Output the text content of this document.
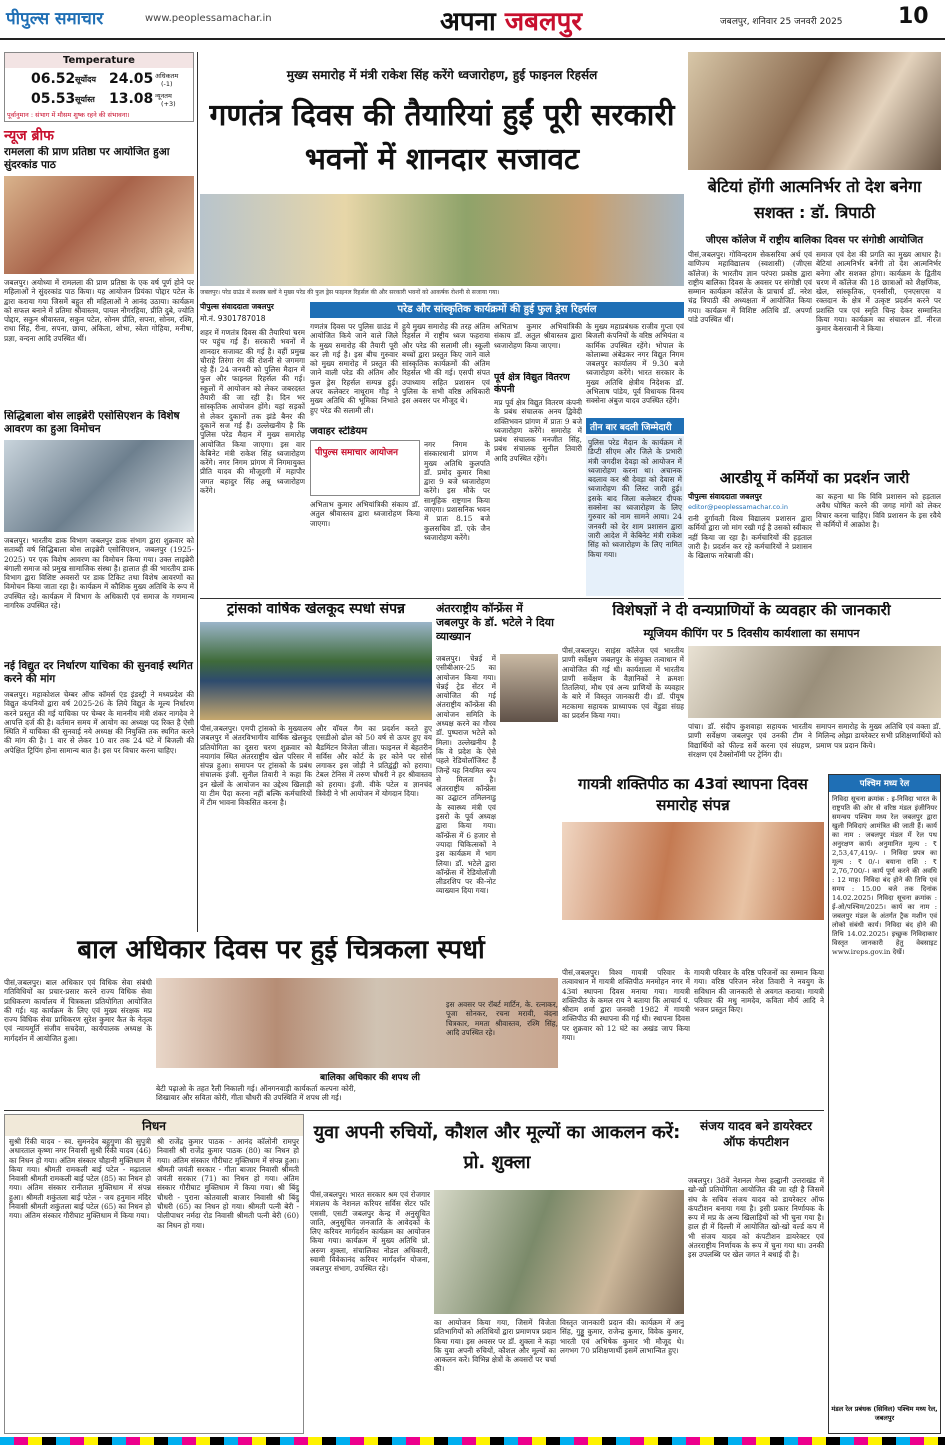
पीपुल्स समाचार	www.peoplessamachar.in	अपना जबलपुर	जबलपुर, शनिवार 25 जनवरी 2025	10
Temperature
06.52 सूर्योदय 24.05 अधिकतम
(-1)
05.53 सूर्यास्त 13.08 न्यूनतम
(+3)
पूर्वानुमान : संभाग में मौसम शुष्क रहने की संभावना।
न्यूज ब्रीफ
रामलला की प्राण प्रतिष्ठा पर आयोजित हुआ सुंदरकांड पाठ
जबलपुर। अयोध्या में रामलला की प्राण प्रतिष्ठा के एक वर्ष पूर्ण होने पर महिलाओं ने सुंदरकांड पाठ किया। यह आयोजन प्रियंका पोद्दार पटेल के द्वारा कराया गया जिसमें बहुत सी महिलाओं ने आनंद उठाया। कार्यक्रम को सफल बनाने में प्रतिमा श्रीवास्तव, पायल नौगरहिया, प्रीति दुबे, ज्योति पोद्दार, सकुन श्रीवास्तव, सकुन पटेल, सोनम प्रीति, सपना, सोनम, रश्मि, राधा सिंह, रीना, सपना, छाया, अंकिता, शोभा, स्वेता गोहिया, मनीषा, प्रज्ञा, वन्दना आदि उपस्थित थीं।
सिद्धिबाला बोस लाइब्रेरी एसोसिएशन के विशेष आवरण का हुआ विमोचन
जबलपुर। भारतीय डाक विभाग जबलपुर डाक संभाग द्वारा शुक्रवार को सताब्दी वर्ष सिद्धिबाला बोस लाइब्रेरी एसोसिएशन, जबलपुर (1925-2025) पर एक विशेष आवरण का विमोचन किया गया। उक्त लाइब्रेरी बंगाली समाज को प्रमुख सामाजिक संस्था है। हालात ही की भारतीय डाक विभाग द्वारा विशिष्ट अवसरों पर डाक टिकिट तथा विशेष आवरणों का विमोचन किया जाता रहा है। कार्यक्रम में कौशिक मुख्य अतिथि के रूप में उपस्थित रहे। कार्यक्रम में विभाग के अधिकारी एवं समाज के गणमान्य नागरिक उपस्थित रहे।
नई विद्युत दर निर्धारण याचिका की सुनवाई स्थगित करने की मांग
जबलपुर। महाकोशल चेम्बर ऑफ कॉमर्स एंड इंडस्ट्री ने मध्यप्रदेश की विद्युत कंपनियों द्वारा वर्ष 2025-26 के लिये विद्युत के मूल्य निर्धारण करने प्रस्तुत की गई याचिका पर चेम्बर के माननीय मंत्री शंकर नागदेव ने आपत्ति दर्ज की है। वर्तमान समय में आयोग का अध्यक्ष पद रिक्त है ऐसी स्थिति में याचिका की सुनवाई नये अध्यक्ष की नियुक्ति तक स्थगित करने की मांग की है। 1 वार से लेकर 10 वार तक 24 घंटे में बिजली की अपेक्षित ट्रिपिंग होना सामान्य बात है। इस पर विचार करना चाहिए।
मुख्य समारोह में मंत्री राकेश सिंह करेंगे ध्वजारोहण, हुई फाइनल रिहर्सल
गणतंत्र दिवस की तैयारियां हुईं पूरी सरकारी भवनों में शानदार सजावट
जबलपुर। परेड ग्राउंड में सशस्त्र बलों ने मुख्य परेड की फुल ड्रेस फाइनल रिहर्सल की और सरकारी भवनों को आकर्षक रोशनी से सजाया गया।
पीपुल्स संवाददाता जबलपुर
मो.नं. 9301787018
शहर में गणतंत्र दिवस की तैयारियां चरम पर पहुंच गई हैं। सरकारी भवनों में शानदार सजावट की गई है। वहीं प्रमुख चौराहे तिरंगा रंग की रोशनी से जगमगा रहे हैं। 24 जनवरी को पुलिस मैदान में फुल और फाइनल रिहर्सल की गई। स्कूलों में आयोजन को लेकर जबरदस्त तैयारी की जा रही है। दिन भर सांस्कृतिक आयोजन होंगे। यहां सड़कों से लेकर दुकानों तक झंडे बैनर की दुकानें सज गई हैं। उल्लेखनीय है कि पुलिस परेड मैदान में मुख्य समारोह आयोजित किया जाएगा। इस वार केबिनेट मंत्री राकेश सिंह ध्वजारोहण करेंगे। नगर निगम प्रांगण में निगमायुक्त प्रीति यादव की मौजूदगी में महापौर जगत बहादुर सिंह अन्नू ध्वजारोहण करेंगे।
परेड और सांस्कृतिक कार्यक्रमों की हुई फुल ड्रेस रिहर्सल
गणतंत्र दिवस पर पुलिस ग्राउंड में आयोजित किये जाने वाले जिले के मुख्य समारोह की तैयारी पूरी कर ली गई है। इस बीच गुरुवार को मुख्य समारोह में प्रस्तुत की जाने वाली परेड की अंतिम और फुल ड्रेस रिहर्सल सम्पन्न हुई। अपर कलेक्टर नाथूराम गौड़ ने मुख्य अतिथि की भूमिका निभाते हुए परेड की सलामी ली।
हुये मुख्य समारोह की तरह अंतिम रिहर्सल में राष्ट्रीय ध्वज फहराया और परेड की सलामी ली। स्कूली बच्चों द्वारा प्रस्तुत किए जाने वाले सांस्कृतिक कार्यक्रमों की अंतिम रिहर्सल भी की गई। एसपी संपत उपाध्याय सहित प्रशासन एवं पुलिस के सभी वरिष्ठ अधिकारी इस अवसर पर मौजूद थे।
पीपुल्स समाचार आयोजन
जवाहर स्टेडियम
नगर निगम के संस्कारधानी प्रांगण में मुख्य अतिथि कुलपति डॉ. प्रमोद कुमार मिश्रा द्वारा 9 बजे ध्वजारोहण करेंगे। इस मौके पर सामूहिक राष्ट्रगान किया जाएगा। प्रशासनिक भवन में प्रातः 8.15 बजे कुलसचिव डॉ. एके जैन ध्वजारोहण करेंगे।
अभिताभ कुमार अभियांत्रिकी संकाय डॉ. अतुल श्रीवास्तव द्वारा ध्वजारोहण किया जाएगा।
अभिताभ कुमार अभियांत्रिकी संकाय डॉ. अतुल श्रीवास्तव द्वारा ध्वजारोहण किया जाएगा।
पूर्व क्षेत्र विद्युत वितरण कंपनी
मप्र पूर्व क्षेत्र विद्युत वितरण कंपनी के प्रबंध संचालक अनय द्विवेदी शक्तिभवन प्रांगण में प्रातः 9 बजे ध्वजारोहण करेंगे। समारोह में प्रबंध संचालक मनजीत सिंह, प्रबंध संचालक सुनील तिवारी आदि उपस्थित रहेंगे।
के मुख्य महाप्रबंधक राजीव गुप्ता एवं बिजली कंपनियों के वरिष्ठ अभियंता व कार्मिक उपस्थित रहेंगे। भोपाल के कोलाब्या अंबेडकर नगर विद्युत निगम जबलपुर कार्यालय में 9.30 बजे ध्वजारोहण करेंगे। भारत सरकार के मुख्य अतिथि क्षेत्रीय निदेशक डॉ. अभिलाष पांडेय, पूर्व विधायक विनय सक्सेना अंबुज यादव उपस्थित रहेंगे।
तीन बार बदली जिम्मेदारी
पुलिस परेड मैदान के कार्यक्रम में डिप्टी सीएम और जिले के प्रभारी मंत्री जगदीश देवड़ा को आयोजन में ध्वजारोहण करना था। अचानक बदलाव कर श्री देवड़ा को देवास में ध्वजारोहण की लिस्ट जारी हुई। इसके बाद जिला कलेक्टर दीपक सक्सेना का ध्वजारोहण के लिए गुरुवार को नाम सामने आया। 24 जनवरी को देर शाम प्रशासन द्वारा जारी आदेश में केबिनेट मंत्री राकेश सिंह को ध्वजारोहण के लिए नामित किया गया।
बेटियां होंगी आत्मनिर्भर तो देश बनेगा सशक्त : डॉ. त्रिपाठी
जीएस कॉलेज में राष्ट्रीय बालिका दिवस पर संगोष्ठी आयोजित
पीसं,जबलपुर। गोविन्दराम सेकसरिया अर्थ एवं वाणिज्य महाविद्यालय (स्वशासी) (जीएस कॉलेज) के भारतीय ज्ञान परंपरा प्रकोष्ठ द्वारा राष्ट्रीय बालिका दिवस के अवसर पर संगोष्ठी एवं सम्मान कार्यक्रम कॉलेज के प्राचार्य डॉ. नरेश चंद्र त्रिपाठी की अध्यक्षता में आयोजित किया गया। कार्यक्रम में विशिष्ट अतिथि डॉ. अपर्णा पांडे उपस्थित थीं।
समाज एवं देश की प्रगति का मुख्य आधार है। बेटियां आत्मनिर्भर बनेंगी तो देश आत्मनिर्भर बनेगा और सशक्त होगा। कार्यक्रम के द्वितीय चरण में कॉलेज की 18 छात्राओं को शैक्षणिक, खेल, सांस्कृतिक, एनसीसी, एनएसएस व रक्तदान के क्षेत्र में उत्कृष्ट प्रदर्शन करने पर प्रशस्ति पत्र एवं स्मृति चिन्ह देकर सम्मानित किया गया। कार्यक्रम का संचालन डॉ. नीरज कुमार केसरवानी ने किया।
आरडीयू में कर्मियों का प्रदर्शन जारी
पीपुल्स संवाददाता जबलपुर
editor@peoplessamachar.co.in
रानी दुर्गावती विश्व विद्यालय प्रशासन द्वारा कर्मियों द्वारा जो मांग रखी गई है उसको स्वीकार नहीं किया जा रहा है। कर्मचारियों की हड़ताल जारी है। प्रदर्शन कर रहे कर्मचारियों ने प्रशासन के खिलाफ नारेबाजी की।
का कहना था कि विवि प्रशासन को हड़ताल अवैध घोषित करने की जगह मांगों को लेकर विचार करना चाहिए। विवि प्रशासन के इस रवैये से कर्मियों में आक्रोश है।
ट्रांसको वार्षिक खेलकूद स्पर्धा संपन्न
पीसं,जबलपुर। एमपी ट्रांसको के मुख्यालय जबलपुर में अंतरविभागीय वार्षिक खेलकूद प्रतियोगिता का दूसरा चरण शुक्रवार को नयागांव स्थित अंतरराष्ट्रीय खेल परिसर में संपन्न हुआ। समापन पर ट्रांसको के प्रबंध संचालक इंजी. सुनील तिवारी ने कहा कि इन खेलों के आयोजन का उद्देश्य खिलाड़ी या टीम पैदा करना नहीं बल्कि कर्मचारियों में टीम भावना विकसित करना है।
और वॉयल गैम का प्रदर्शन करते हुए एसडीओ ढोल को 50 वर्ष से ऊपर हुए वय बैडमिंटन विजेता जीता। फाइनल में बेहतरीन सर्विस और कोर्ट के हर कोने पर सोर्स लगाकर इस जोड़ी ने प्रतिद्वंद्वी को हराया। टेबल टेनिस में तरुण चौधरी ने हर श्रीवास्तव को हराया। इंजी. वीके पटेल व ज्ञानचंद त्रिवेदी ने भी आयोजन में योगदान दिया।
अंतरराष्ट्रीय कॉन्फ्रेंस में जबलपुर के डॉ. भटेले ने दिया व्याख्यान
जबलपुर। चेन्नई में एसीबीआर-25 का आयोजन किया गया। चेन्नई ट्रेड सेंटर में आयोजित की गई अंतराष्ट्रीय कॉन्फ्रेंस की आयोजन समिति के अध्यक्ष करने का गौरव डॉ. पुष्पराज भटेले को मिला। उल्लेखनीय है कि वे प्रदेश के ऐसे पहले रेडियोलॉजिस्ट हैं जिन्हें यह नियमित रूप से मिलता है। अंतरराष्ट्रीय कॉन्फ्रेंस का उद्घाटन तमिलनाडु के स्वास्थ्य मंत्री एवं इसरो के पूर्व अध्यक्ष द्वारा किया गया। कॉन्फ्रेंस में 6 हजार से ज्यादा चिकित्सकों ने इस कार्यक्रम में भाग लिया। डॉ. भटेले द्वारा कॉन्फ्रेंस में रेडियोलॉजी लीडरशिप पर की-नोट व्याख्यान दिया गया।
विशेषज्ञों ने दी वन्यप्राणियों के व्यवहार की जानकारी
म्यूजियम कीपिंग पर 5 दिवसीय कार्यशाला का समापन
पीसं,जबलपुर। साइंस कॉलेज एवं भारतीय प्राणी सर्वेक्षण जबलपुर के संयुक्त तत्वाधान में आयोजित की गई थी। कार्यशाला में भारतीय प्राणी सर्वेक्षण के वैज्ञानिकों ने क्रमशः तितलियां, मौथ एवं अन्य प्राणियों के व्यवहार के बारे में विस्तृत जानकारी दी। डॉ. पीयूष मटकामा सहायक प्राध्यापक एवं वेंडुडा संग्रह का प्रदर्शन किया गया।
पांचा। डॉ. संदीप कुशवाहा सहायक भारतीय प्राणी सर्वेक्षण जबलपुर एवं उनकी टीम ने विद्यार्थियों को फील्ड सर्वे करना एवं संग्रहण, संरक्षण एवं टैक्सोनॉमी पर ट्रेनिंग दी।
समापन समारोह के मुख्य अतिथि एवं वक्ता डॉ. मिलिन्द ओझा डायरेक्टर सभी प्रशिक्षणार्थियों को प्रमाण पत्र प्रदान किये।
गायत्री शक्तिपीठ का 43वां स्थापना दिवस समारोह संपन्न
पीसं,जबलपुर। विश्व गायत्री परिवार के तत्वावधान में गायत्री शक्तिपीठ मनमोहन नगर में 43वां स्थापना दिवस मनाया गया। गायत्री शक्तिपीठ के कमल राय ने बताया कि आचार्य पं. श्रीराम शर्मा द्वारा जनवरी 1982 में गायत्री शक्तिपीठ की स्थापना की गई थी। स्थापना दिवस पर शुक्रवार को 12 घंटे का अखंड जाप किया गया।
गायत्री परिवार के वरिष्ठ परिजनों का सम्मान किया गया। वरिष्ठ परिजन नरेश तिवारी ने नवयुग के सविधान की जानकारी से अवगत कराया। गायत्री परिवार की मधु नामदेव, कविता मौर्य आदि ने भजन प्रस्तुत किए।
पश्चिम मध्य रेल
निविदा सूचना क्रमांक : इ-निविदा भारत के राष्ट्रपति की ओर से वरिष्ठ मंडल इंजीनियर समन्वय पश्चिम मध्य रेल जबलपुर द्वारा खुली निविदाएं आमंत्रित की जाती हैं। कार्य का नाम : जबलपुर मंडल में रेल पथ अनुरक्षण कार्य। अनुमानित मूल्य : ₹ 2,53,47,419/- । निविदा प्रपत्र का मूल्य : ₹ 0/-। बयाना राशि : ₹ 2,76,700/-। कार्य पूर्ण करने की अवधि : 12 माह। निविदा बंद होने की तिथि एवं समय : 15.00 बजे तक दिनांक 14.02.2025। निविदा सूचना क्रमांक : ई-ओ/पश्चिम/2025। कार्य का नाम : जबलपुर मंडल के अंतर्गत ट्रैक मशीन एवं लोको संबंधी कार्य। निविदा बंद होने की तिथि 14.02.2025। इच्छुक निविदाकार विस्तृत जानकारी हेतु वेबसाइट www.ireps.gov.in देखें।
मंडल रेल प्रबंधक (सिविल) पश्चिम मध्य रेल, जबलपुर
बाल अधिकार दिवस पर हुई चित्रकला स्पर्धा
पीसं,जबलपुर। बाल अधिकार एवं विधिक सेवा संबंधी गतिविधियों का प्रचार-प्रसार करने राज्य विधिक सेवा प्राधिकरण कार्यालय में चित्रकला प्रतियोगिता आयोजित की गई। यह कार्यक्रम के लिए एवं मुख्य संरक्षक मप्र राज्य विधिक सेवा प्राधिकरण सुरेश कुमार कैत के नेतृत्व एवं न्यायमूर्ति संजीव सचदेवा, कार्यपालक अध्यक्ष के मार्गदर्शन में आयोजित हुआ।
बालिका अधिकार की शपथ ली
बेटी पढ़ाओ के तहत रैली निकाली गई। ऑनगनवाड़ी कार्यकर्ता कल्पना कोरी, शिखावार और सविता कोरी, गीता चौधरी की उपस्थिति में शपथ ली गई।
इस अवसर पर रॉबर्ट मार्टिन, के. रत्नाकर, पूजा सोनकर, रचना मरावी, वंदना चित्रकार, ममता श्रीवास्तव, रश्मि सिंह, आदि उपस्थित रहे।
निधन
सुश्री रिंकी यादव - स्व. सुमनदेव बहुगुणा की सुपुत्री अधारताल कृष्णा नगर निवासी सुश्री रिंकी यादव (46) का निधन हो गया। अंतिम संस्कार चौहानी मुक्तिधाम में किया गया। श्रीमती रामकली बाई पटेल - मढ़ाताल निवासी श्रीमती रामकली बाई पटेल (85) का निधन हो गया। अंतिम संस्कार रानीताल मुक्तिधाम में संपन्न हुआ। श्रीमती शकुंतला बाई पटेल - जय हनुमान मंदिर निवासी श्रीमती शकुंतला बाई पटेल (65) का निधन हो गया। अंतिम संस्कार गौरीघाट मुक्तिधाम में किया गया।
श्री राजेंद्र कुमार पाठक - आनंद कॉलोनी रामपुर निवासी श्री राजेंद्र कुमार पाठक (80) का निधन हो गया। अंतिम संस्कार गौरीघाट मुक्तिधाम में संपन्न हुआ। श्रीमती जयंती सरकार - गीता बाजार निवासी श्रीमती जयंती सरकार (71) का निधन हो गया। अंतिम संस्कार गौरीघाट मुक्तिधाम में किया गया। श्री बिंदु चौधरी - पुराना कोतवाली बाजार निवासी श्री बिंदु चौधरी (65) का निधन हो गया। श्रीमती पत्नी बेरी - पोलीपाथर नर्मदा रोड निवासी श्रीमती पत्नी बेरी (60) का निधन हो गया।
युवा अपनी रुचियों, कौशल और मूल्यों का आकलन करें: प्रो. शुक्ला
पीसं,जबलपुर। भारत सरकार श्रम एवं रोजगार मंत्रालय के नेशनल करियर सर्विस सेंटर फॉर एससी, एसटी जबलपुर केन्द्र में अनुसूचित जाति, अनुसूचित जनजाति के आवेदकों के लिए करियर मार्गदर्शन कार्यक्रम का आयोजन किया गया। कार्यक्रम में मुख्य अतिथि प्रो. अरुण शुक्ला, संचालिका नोडल अधिकारी, स्वामी विवेकानंद करियर मार्गदर्शन योजना, जबलपुर संभाग, उपस्थित रहे।
का आयोजन किया गया, जिसमें विजेता प्रतिभागियों को अतिथियों द्वारा प्रमाणपत्र प्रदान किया गया। इस अवसर पर डॉ. शुक्ला ने कहा कि युवा अपनी रुचियों, कौशल और मूल्यों का आकलन करें। विभिन्न क्षेत्रों के अवसरों पर चर्चा की।
विस्तृत जानकारी प्रदान की। कार्यक्रम में अनु सिंह, गुड्डू कुमार, राजेन्द्र कुमार, विवेक कुमार, भारती एवं अभिषेक कुमार भी मौजूद थे। लगभग 70 प्रशिक्षणार्थी इसमें लाभान्वित हुए।
संजय यादव बने डायरेक्टर ऑफ कंपटीशन
जबलपुर। 38वें नेशनल गेम्स हल्द्वानी उत्तराखंड में खो-खो प्रतियोगिता आयोजित की जा रही है जिसमें संघ के सचिव संजय यादव को डायरेक्टर ऑफ कंपटीशन बनाया गया है। इसी प्रकार निर्णायक के रूप में मप्र के अन्य खिलाड़ियों को भी चुना गया है। हाल ही में दिल्ली में आयोजित खो-खो वर्ल्ड कप में भी संजय यादव को कंपटीशन डायरेक्टर एवं अंतरराष्ट्रीय निर्णायक के रूप में चुना गया था। उनकी इस उपलब्धि पर खेल जगत ने बधाई दी है।
